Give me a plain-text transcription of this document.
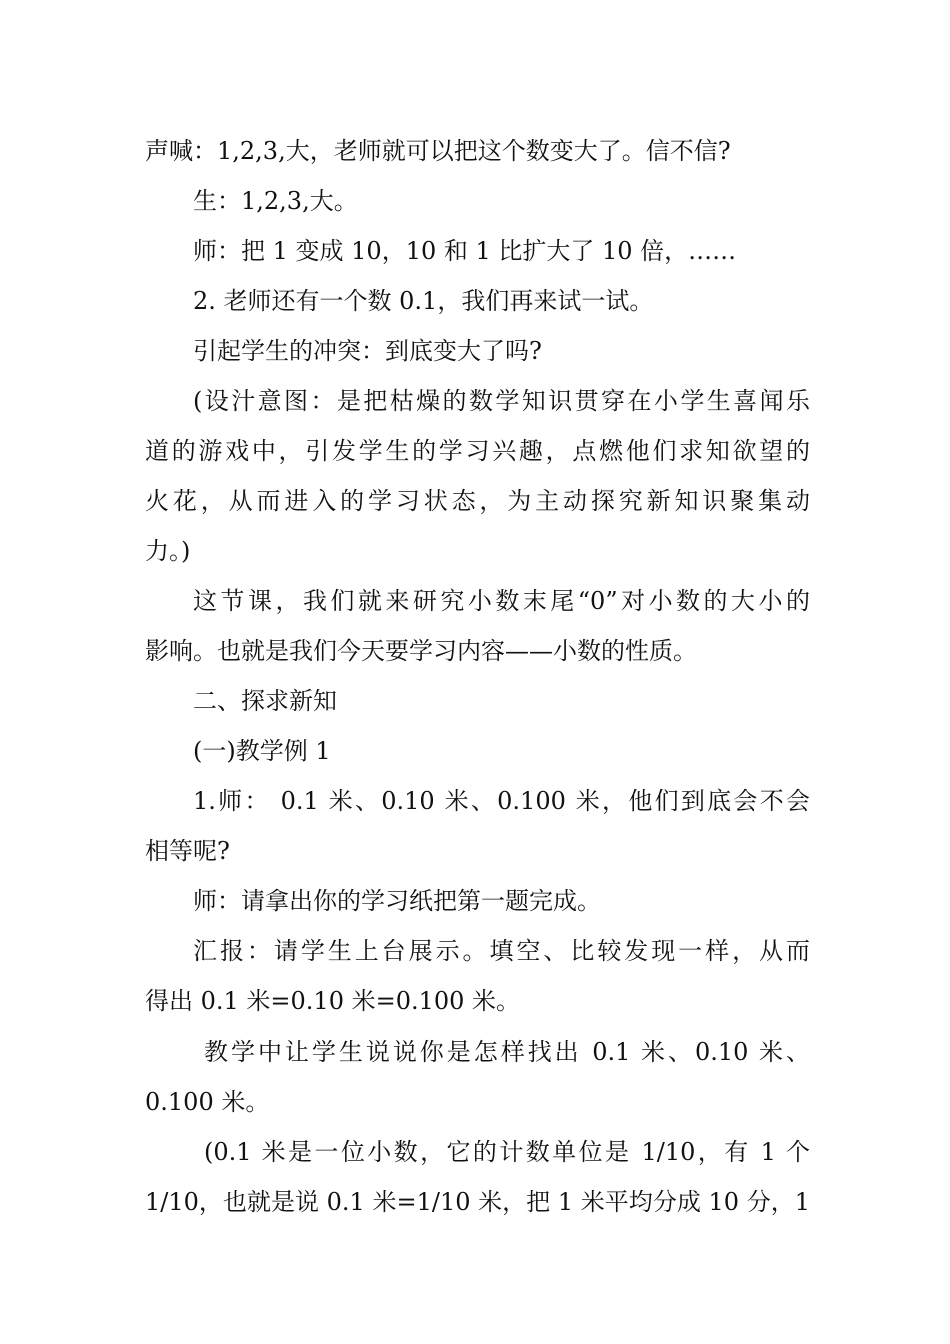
声喊：1,2,3,大，老师就可以把这个数变大了。信不信?
生：1,2,3,大。
师：把 1 变成 10，10 和 1 比扩大了 10 倍，……
2. 老师还有一个数 0.1，我们再来试一试。
引起学生的冲突：到底变大了吗?
(设汁意图：是把枯燥的数学知识贯穿在小学生喜闻乐
道的游戏中，引发学生的学习兴趣，点燃他们求知欲望的
火花，从而进入的学习状态，为主动探究新知识聚集动
力。)
这节课，我们就来研究小数末尾“0”对小数的大小的
影响。也就是我们今天要学习内容——小数的性质。
二、探求新知
(一)教学例 1
1.师： 0.1 米、0.10 米、0.100 米，他们到底会不会
相等呢?
师：请拿出你的学习纸把第一题完成。
汇报：请学生上台展示。填空、比较发现一样，从而
得出 0.1 米=0.10 米=0.100 米。
教学中让学生说说你是怎样找出 0.1 米、0.10 米、
0.100 米。
(0.1 米是一位小数，它的计数单位是 1/10，有 1 个
1/10，也就是说 0.1 米=1/10 米，把 1 米平均分成 10 分，1
